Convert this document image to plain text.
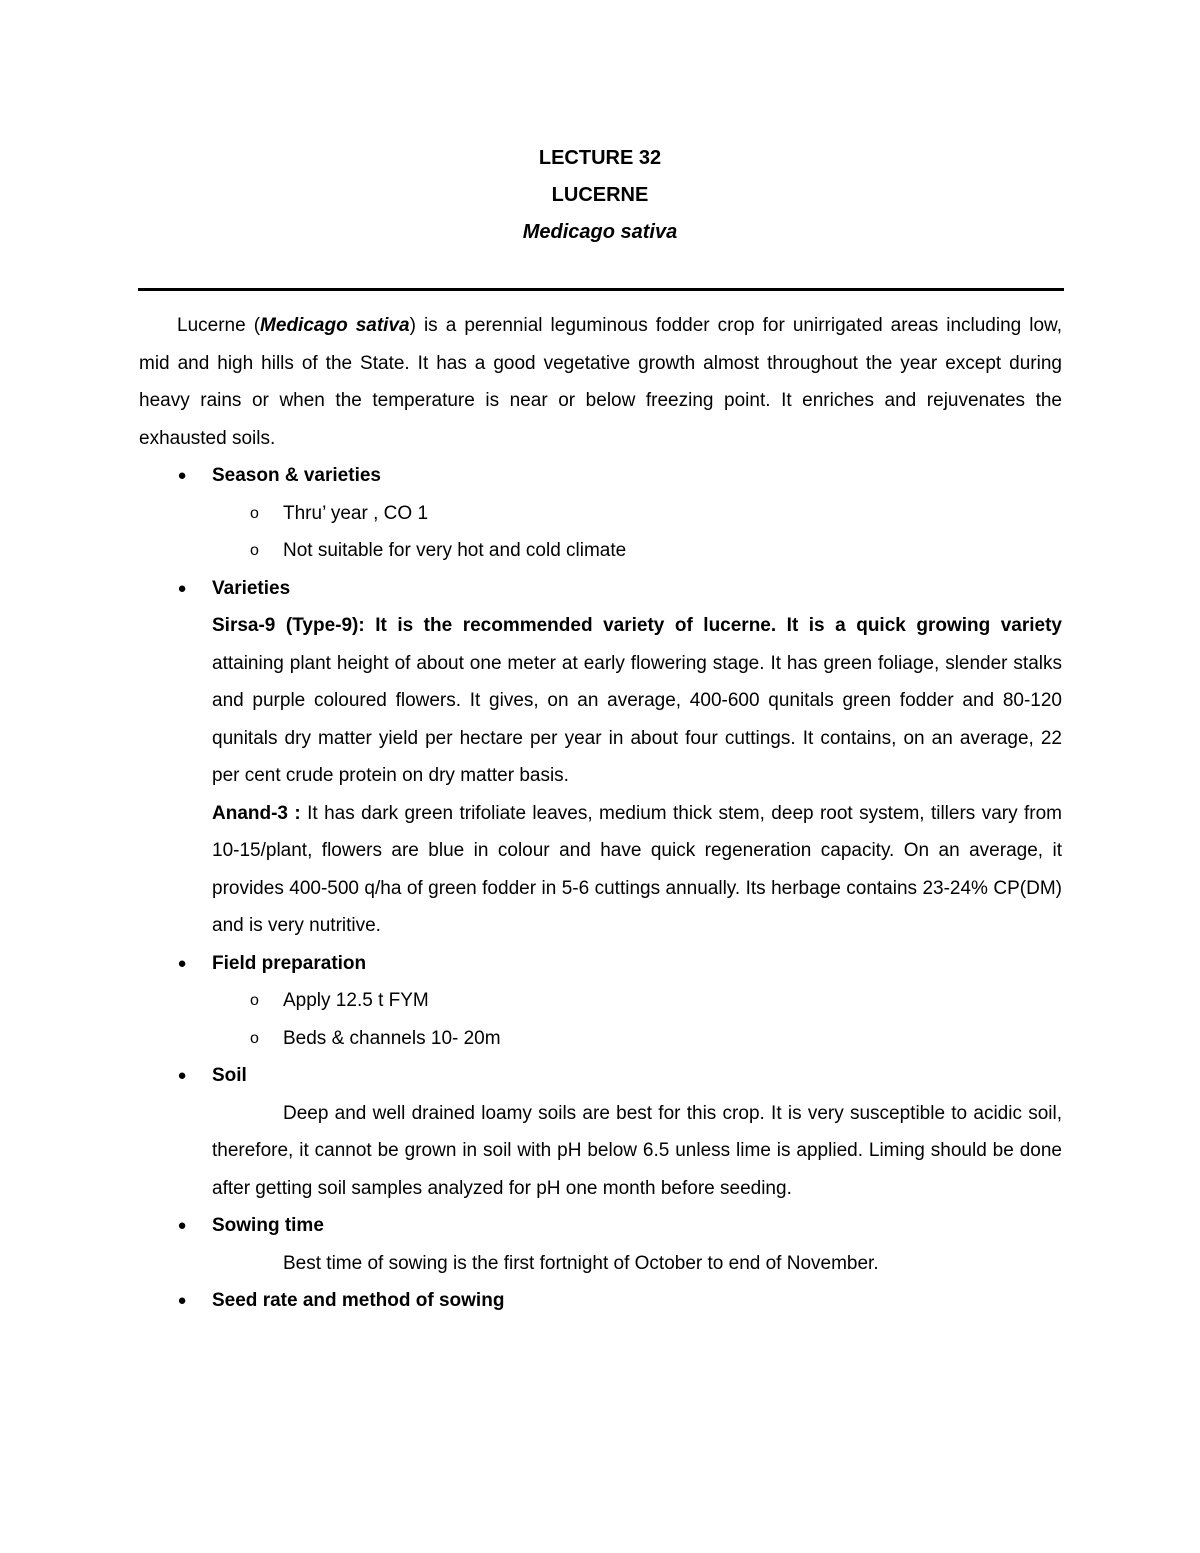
LECTURE 32

LUCERNE

Medicago sativa

Lucerne (Medicago sativa) is a perennial leguminous fodder crop for unirrigated areas including low, mid and high hills of the State. It has a good vegetative growth almost throughout the year except during heavy rains or when the temperature is near or below freezing point. It enriches and rejuvenates the exhausted soils.

● Season & varieties
o Thru’ year , CO 1
o Not suitable for very hot and cold climate
● Varieties

Sirsa-9 (Type-9): It is the recommended variety of lucerne. It is a quick growing variety attaining plant height of about one meter at early flowering stage. It has green foliage, slender stalks and purple coloured flowers. It gives, on an average, 400-600 qunitals green fodder and 80-120 qunitals dry matter yield per hectare per year in about four cuttings. It contains, on an average, 22 per cent crude protein on dry matter basis.

Anand-3 : It has dark green trifoliate leaves, medium thick stem, deep root system, tillers vary from 10-15/plant, flowers are blue in colour and have quick regeneration capacity. On an average, it provides 400-500 q/ha of green fodder in 5-6 cuttings annually. Its herbage contains 23-24% CP(DM) and is very nutritive.

● Field preparation
o Apply 12.5 t FYM
o Beds & channels 10- 20m
● Soil

Deep and well drained loamy soils are best for this crop. It is very susceptible to acidic soil, therefore, it cannot be grown in soil with pH below 6.5 unless lime is applied. Liming should be done after getting soil samples analyzed for pH one month before seeding.

● Sowing time

Best time of sowing is the first fortnight of October to end of November.

● Seed rate and method of sowing
